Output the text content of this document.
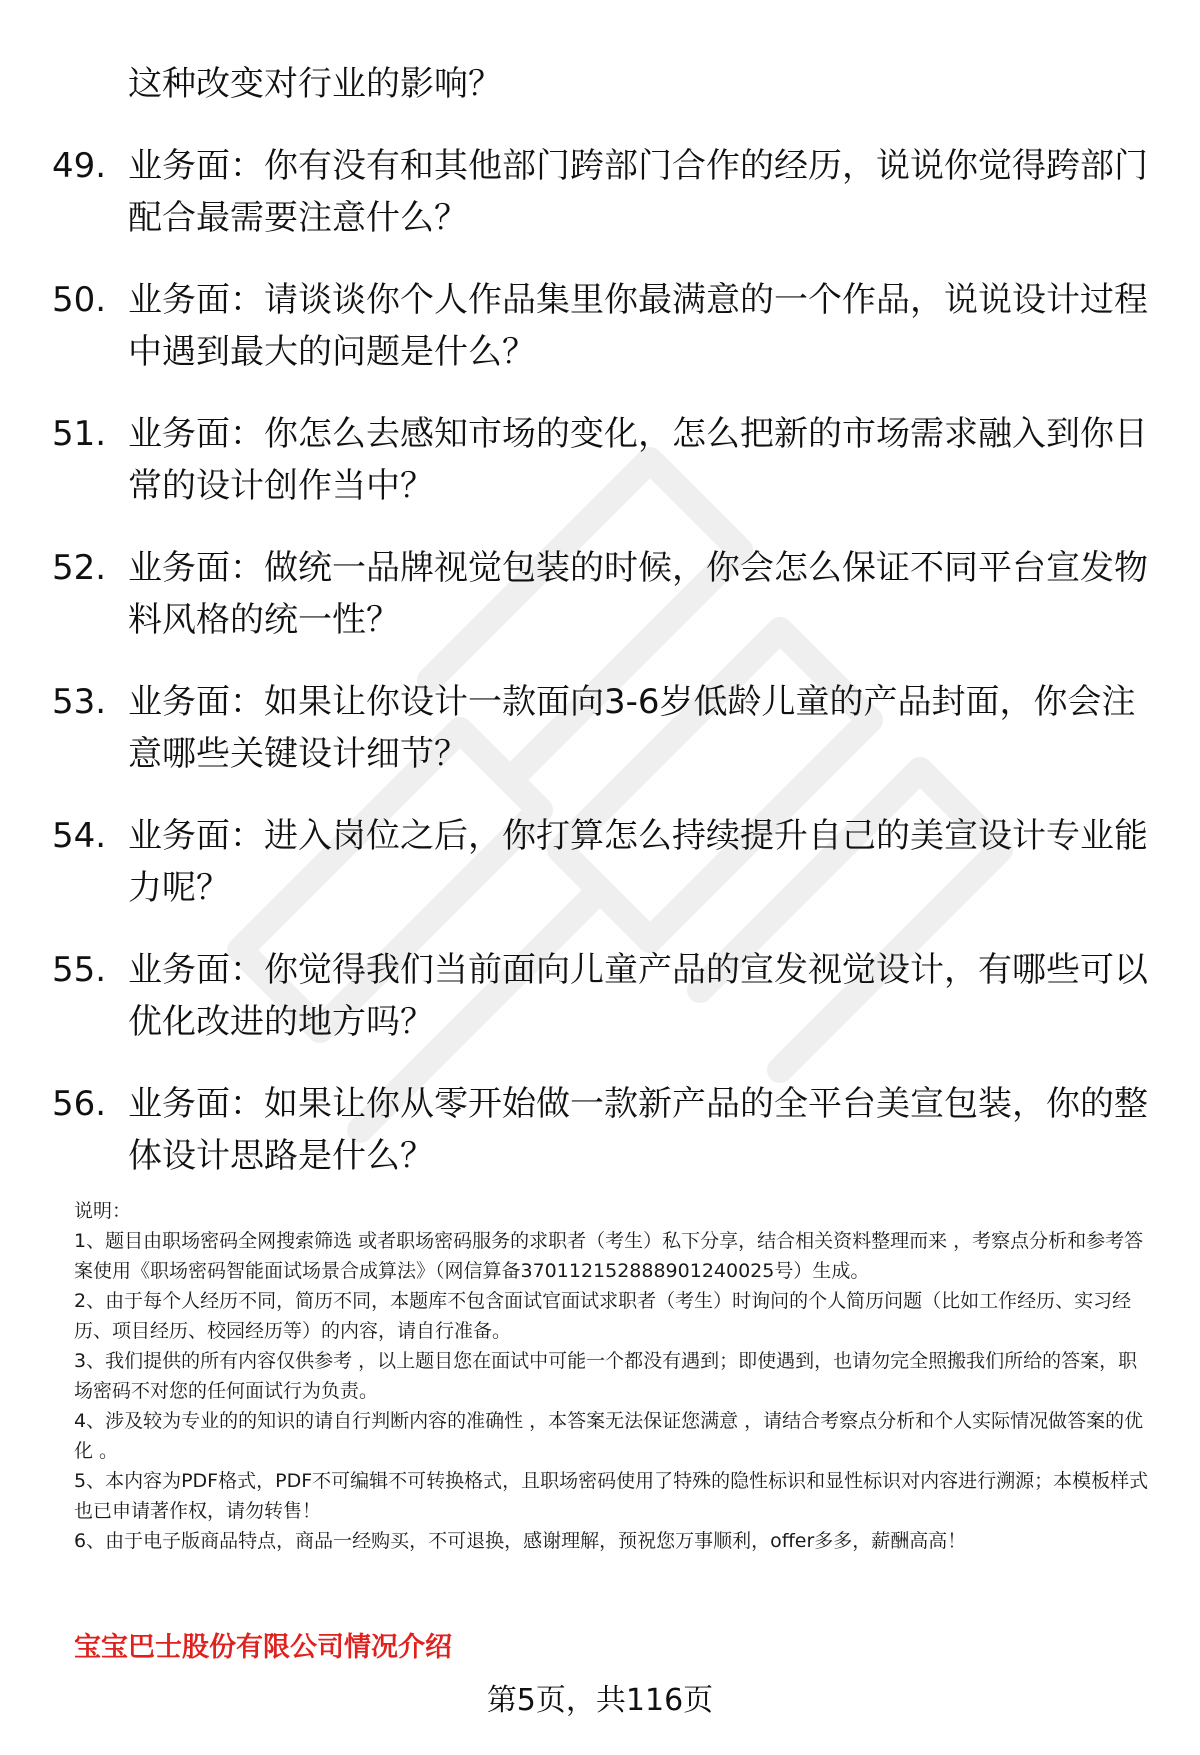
这种改变对行业的影响？
49. 业务面：你有没有和其他部门跨部门合作的经历，说说你觉得跨部门配合最需要注意什么？
50. 业务面：请谈谈你个人作品集里你最满意的一个作品，说说设计过程中遇到最大的问题是什么？
51. 业务面：你怎么去感知市场的变化，怎么把新的市场需求融入到你日常的设计创作当中？
52. 业务面：做统一品牌视觉包装的时候，你会怎么保证不同平台宣发物料风格的统一性？
53. 业务面：如果让你设计一款面向3-6岁低龄儿童的产品封面，你会注意哪些关键设计细节？
54. 业务面：进入岗位之后，你打算怎么持续提升自己的美宣设计专业能力呢？
55. 业务面：你觉得我们当前面向儿童产品的宣发视觉设计，有哪些可以优化改进的地方吗？
56. 业务面：如果让你从零开始做一款新产品的全平台美宣包装，你的整体设计思路是什么？
说明：
1、题目由职场密码全网搜索筛选 或者职场密码服务的求职者（考生）私下分享，结合相关资料整理而来 ，考察点分析和参考答案使用《职场密码智能面试场景合成算法》（网信算备370112152888901240025号）生成。
2、由于每个人经历不同，简历不同，本题库不包含面试官面试求职者（考生）时询问的个人简历问题（比如工作经历、实习经历、项目经历、校园经历等）的内容，请自行准备。
3、我们提供的所有内容仅供参考 ，以上题目您在面试中可能一个都没有遇到；即使遇到，也请勿完全照搬我们所给的答案，职场密码不对您的任何面试行为负责。
4、涉及较为专业的的知识的请自行判断内容的准确性 ，本答案无法保证您满意 ，请结合考察点分析和个人实际情况做答案的优化 。
5、本内容为PDF格式，PDF不可编辑不可转换格式，且职场密码使用了特殊的隐性标识和显性标识对内容进行溯源；本模板样式也已申请著作权，请勿转售！
6、由于电子版商品特点，商品一经购买，不可退换，感谢理解，预祝您万事顺利，offer多多，薪酬高高！
宝宝巴士股份有限公司情况介绍
第5页，共116页
